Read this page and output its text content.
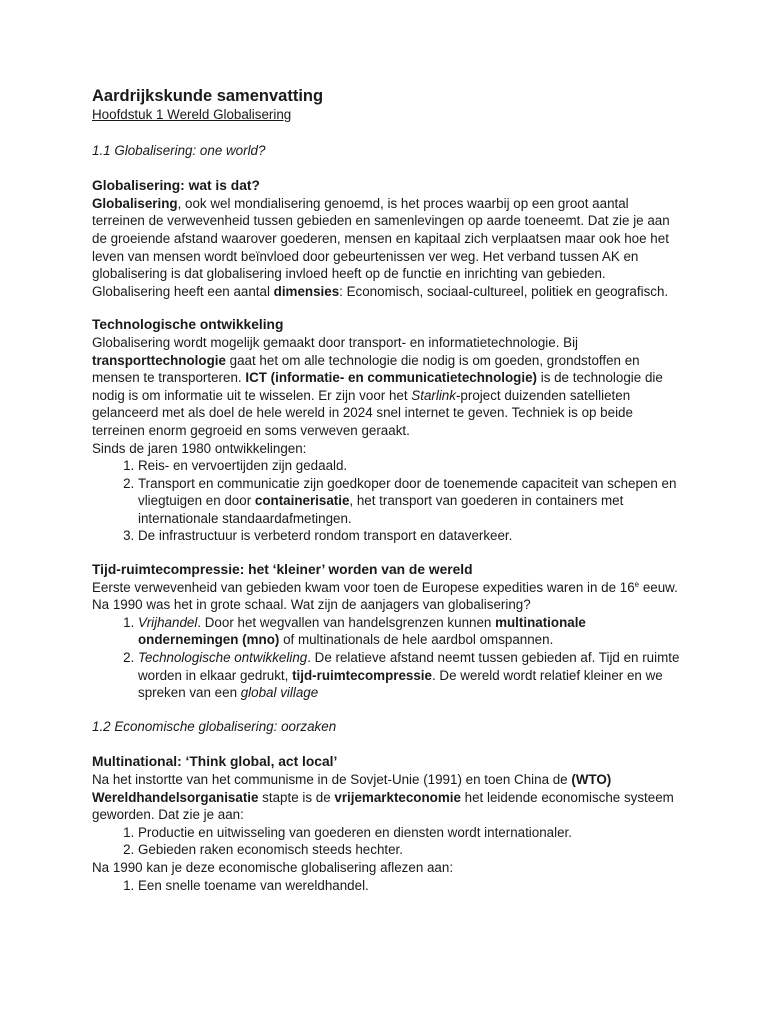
Aardrijkskunde samenvatting

Hoofdstuk 1 Wereld Globalisering

1.1 Globalisering: one world?

Globalisering: wat is dat?

Globalisering, ook wel mondialisering genoemd, is het proces waarbij op een groot aantal terreinen de verwevenheid tussen gebieden en samenlevingen op aarde toeneemt. Dat zie je aan de groeiende afstand waarover goederen, mensen en kapitaal zich verplaatsen maar ook hoe het leven van mensen wordt beïnvloed door gebeurtenissen ver weg. Het verband tussen AK en globalisering is dat globalisering invloed heeft op de functie en inrichting van gebieden. Globalisering heeft een aantal dimensies: Economisch, sociaal-cultureel, politiek en geografisch.

Technologische ontwikkeling

Globalisering wordt mogelijk gemaakt door transport- en informatietechnologie. Bij transporttechnologie gaat het om alle technologie die nodig is om goeden, grondstoffen en mensen te transporteren. ICT (informatie- en communicatietechnologie) is de technologie die nodig is om informatie uit te wisselen. Er zijn voor het Starlink-project duizenden satellieten gelanceerd met als doel de hele wereld in 2024 snel internet te geven. Techniek is op beide terreinen enorm gegroeid en soms verweven geraakt.

Sinds de jaren 1980 ontwikkelingen:

1. Reis- en vervoertijden zijn gedaald.
2. Transport en communicatie zijn goedkoper door de toenemende capaciteit van schepen en vliegtuigen en door containerisatie, het transport van goederen in containers met internationale standaardafmetingen.
3. De infrastructuur is verbeterd rondom transport en dataverkeer.

Tijd-ruimtecompressie: het ‘kleiner’ worden van de wereld

Eerste verwevenheid van gebieden kwam voor toen de Europese expedities waren in de 16e eeuw. Na 1990 was het in grote schaal. Wat zijn de aanjagers van globalisering?

1. Vrijhandel. Door het wegvallen van handelsgrenzen kunnen multinationale ondernemingen (mno) of multinationals de hele aardbol omspannen.
2. Technologische ontwikkeling. De relatieve afstand neemt tussen gebieden af. Tijd en ruimte worden in elkaar gedrukt, tijd-ruimtecompressie. De wereld wordt relatief kleiner en we spreken van een global village

1.2 Economische globalisering: oorzaken

Multinational: ‘Think global, act local’

Na het instortte van het communisme in de Sovjet-Unie (1991) en toen China de (WTO) Wereldhandelsorganisatie stapte is de vrijemarkteconomie het leidende economische systeem geworden. Dat zie je aan:

1. Productie en uitwisseling van goederen en diensten wordt internationaler.
2. Gebieden raken economisch steeds hechter.

Na 1990 kan je deze economische globalisering aflezen aan:

1. Een snelle toename van wereldhandel.
